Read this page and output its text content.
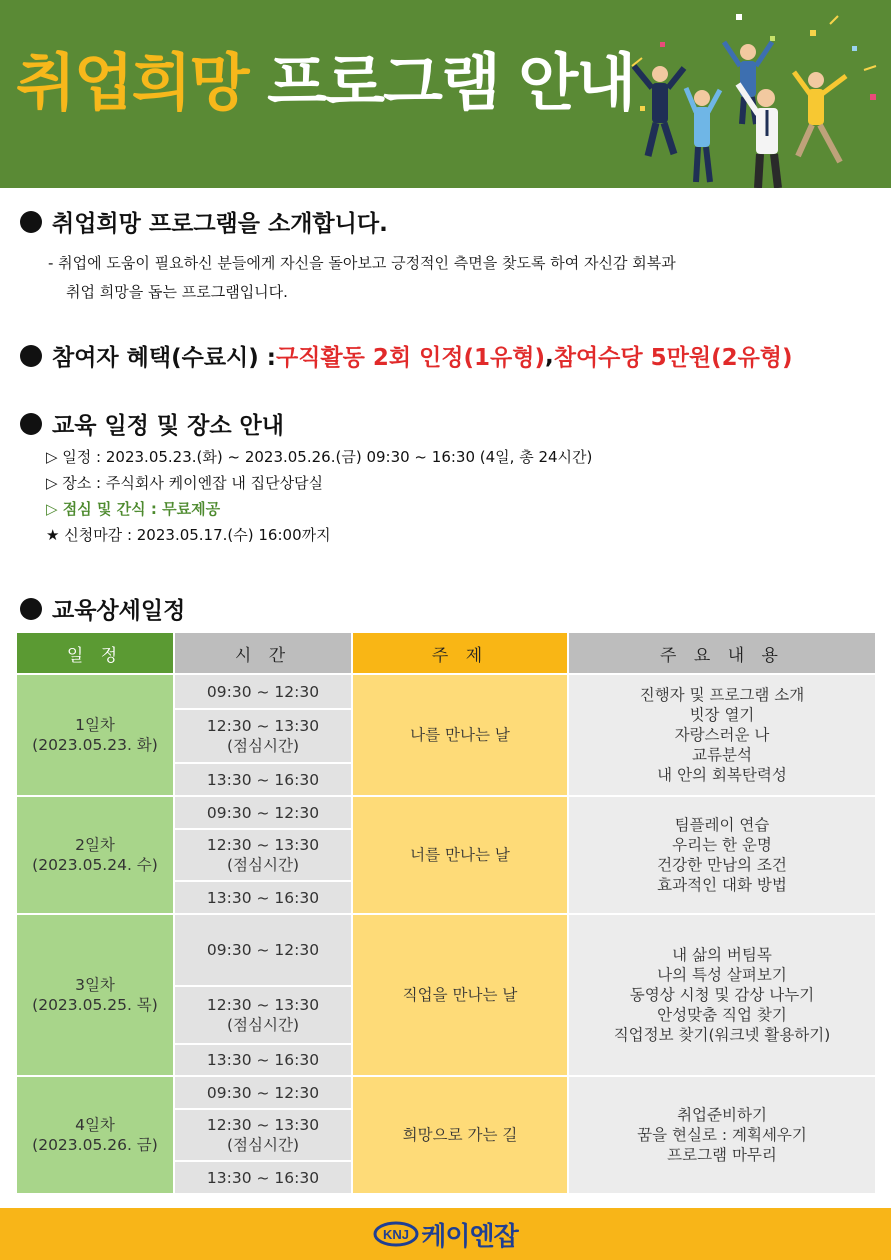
취업희망 프로그램 안내
취업희망 프로그램을 소개합니다.
- 취업에 도움이 필요하신 분들에게 자신을 돌아보고 긍정적인 측면을 찾도록 하여 자신감 회복과
취업 희망을 돕는 프로그램입니다.
참여자 혜택(수료시) : 구직활동 2회 인정(1유형) , 참여수당 5만원(2유형)
교육 일정 및 장소 안내
▷ 일정 : 2023.05.23.(화) ~ 2023.05.26.(금) 09:30 ~ 16:30 (4일, 총 24시간)
▷ 장소 : 주식회사 케이엔잡 내 집단상담실
▷ 점심 및 간식 : 무료제공
★ 신청마감 : 2023.05.17.(수) 16:00까지
교육상세일정
일 정	시 간	주 제	주 요 내 용

1일차
(2023.05.23. 화)	09:30 ~ 12:30	나를 만나는 날	진행자 및 프로그램 소개
빗장 열기
자랑스러운 나
교류분석
내 안의 회복탄력성

	12:30 ~ 13:30
(점심시간)		

	13:30 ~ 16:30		

2일차
(2023.05.24. 수)	09:30 ~ 12:30	너를 만나는 날	팀플레이 연습
우리는 한 운명
건강한 만남의 조건
효과적인 대화 방법

	12:30 ~ 13:30
(점심시간)		

	13:30 ~ 16:30		

3일차
(2023.05.25. 목)	09:30 ~ 12:30	직업을 만나는 날	내 삶의 버팀목
나의 특성 살펴보기
동영상 시청 및 감상 나누기
안성맞춤 직업 찾기
직업정보 찾기(워크넷 활용하기)

	12:30 ~ 13:30
(점심시간)		

	13:30 ~ 16:30		

4일차
(2023.05.26. 금)	09:30 ~ 12:30	희망으로 가는 길	취업준비하기
꿈을 현실로 : 계획세우기
프로그램 마무리

	12:30 ~ 13:30
(점심시간)		

	13:30 ~ 16:30		
KNJ 케이엔잡
